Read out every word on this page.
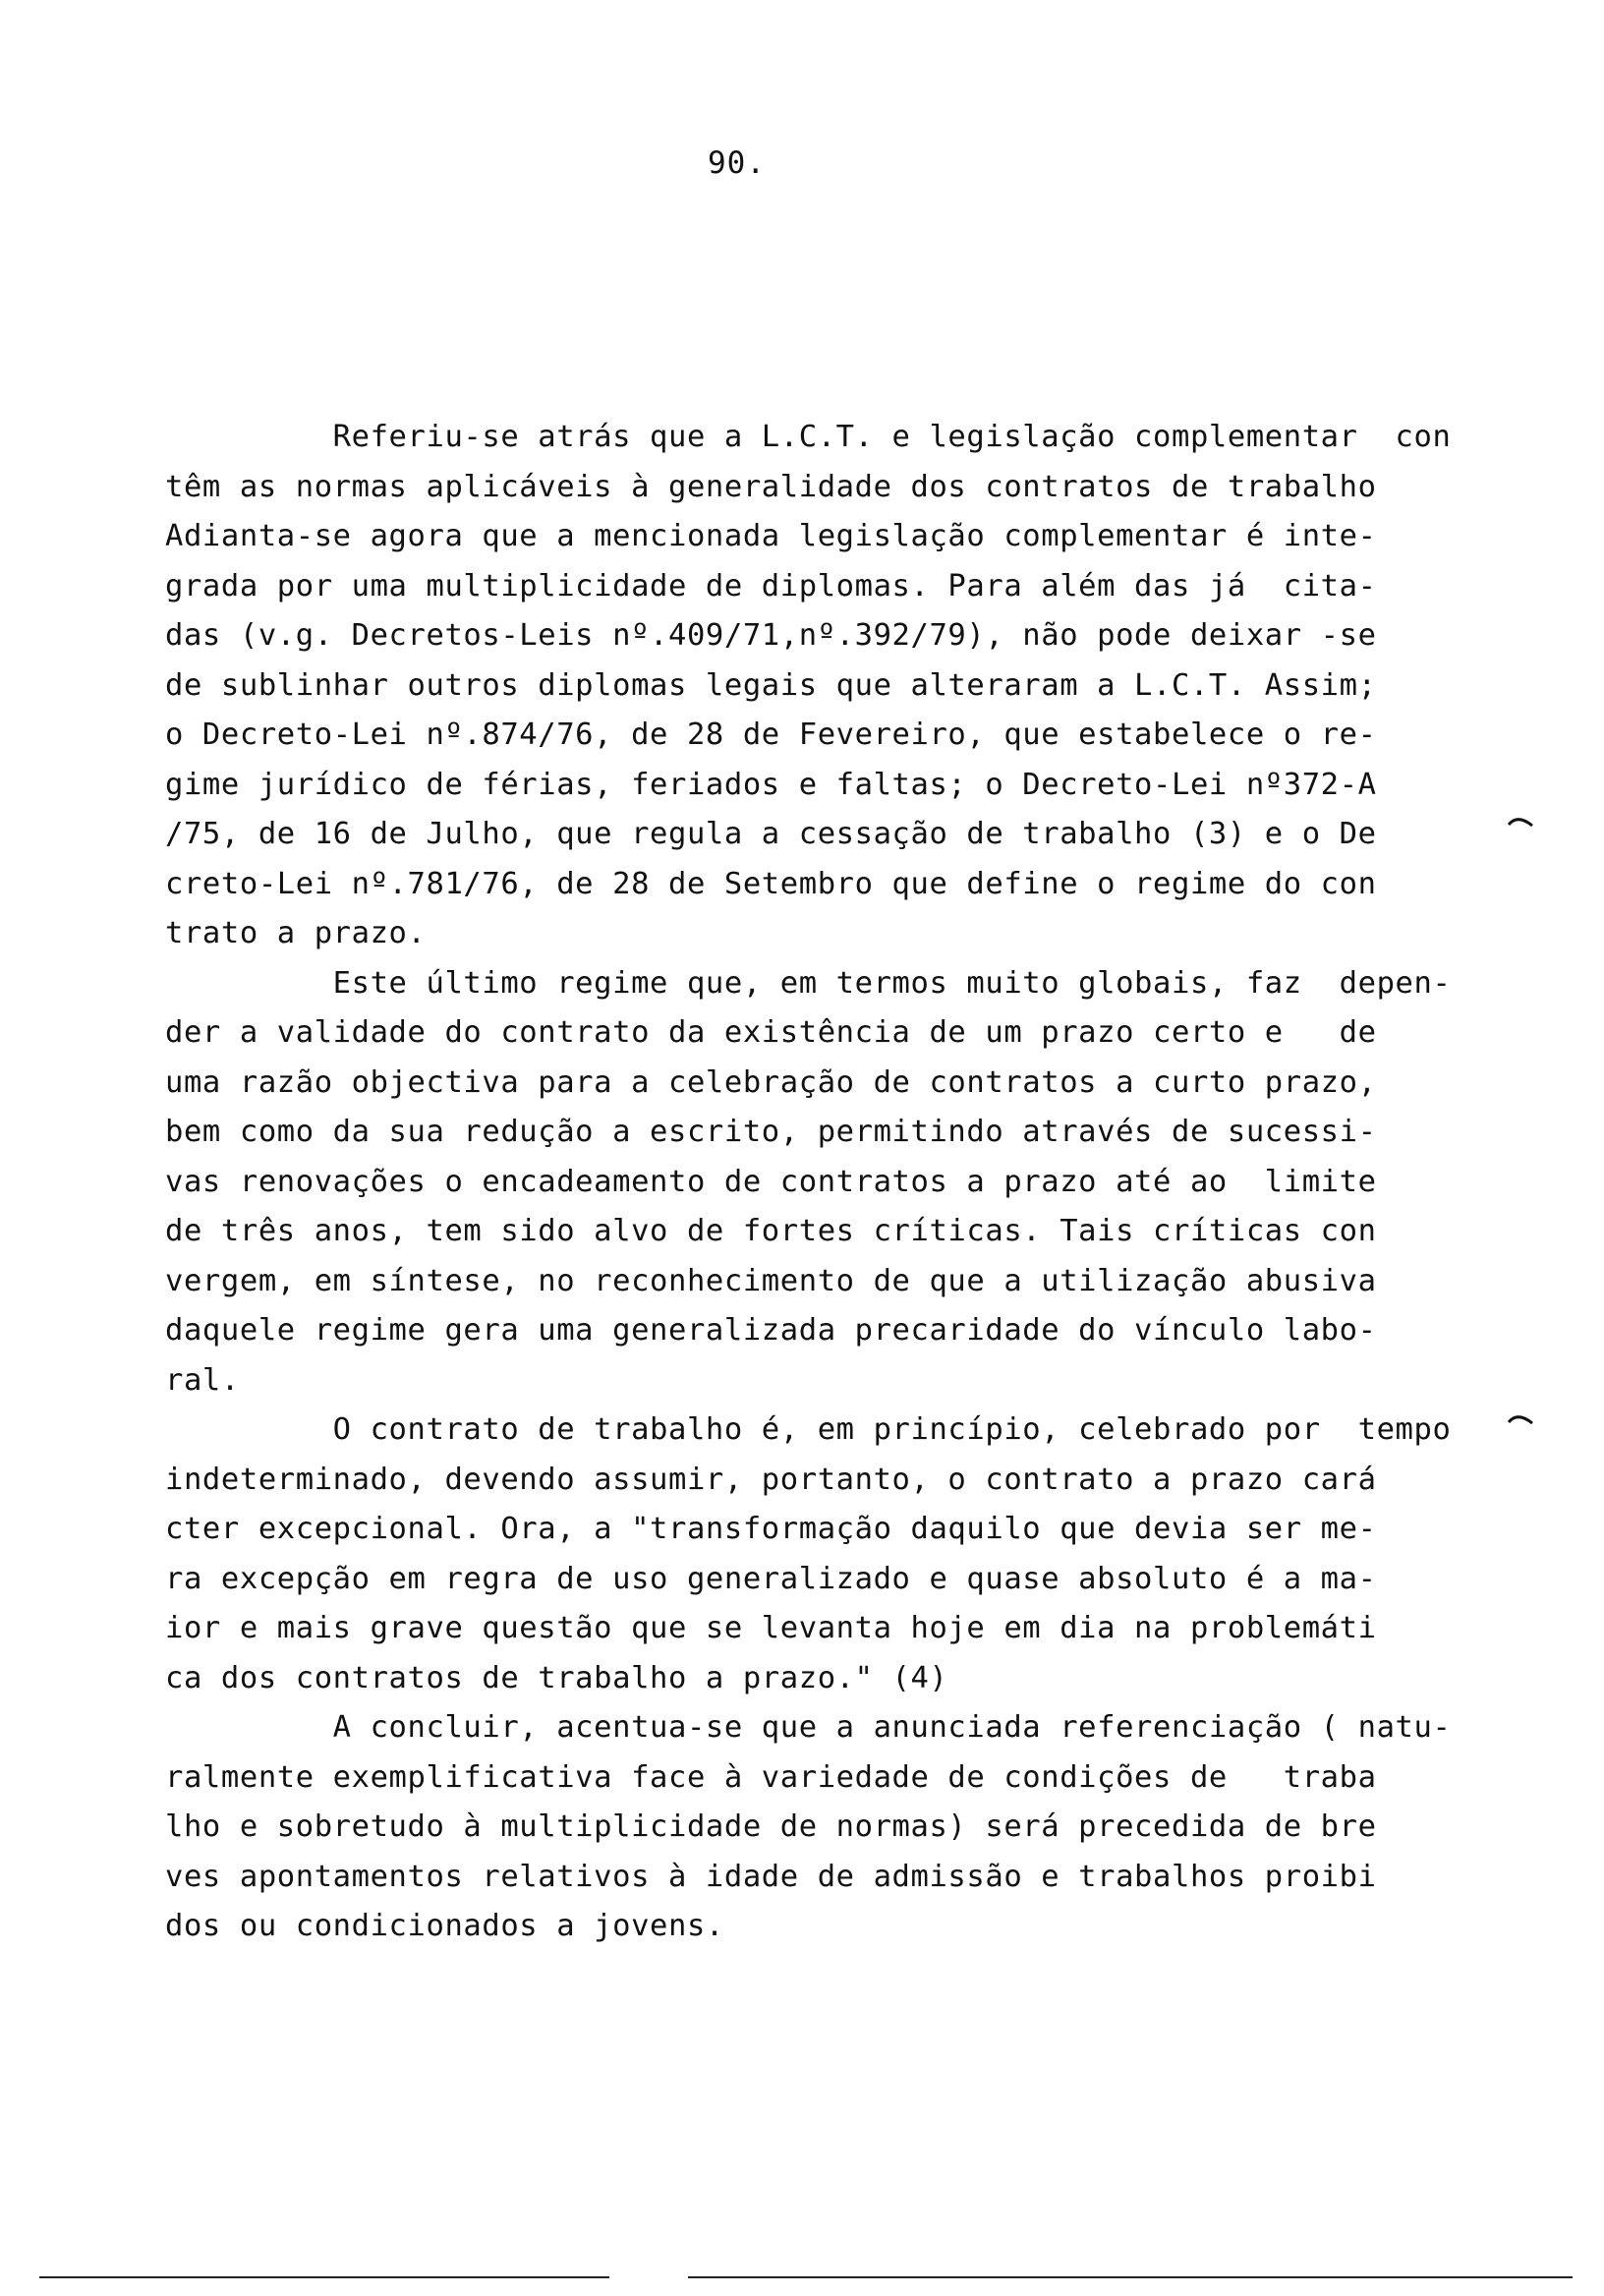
90.
Referiu-se atrás que a L.C.T. e legislação complementar  con
têm as normas aplicáveis à generalidade dos contratos de trabalho
Adianta-se agora que a mencionada legislação complementar é inte-
grada por uma multiplicidade de diplomas. Para além das já  cita-
das (v.g. Decretos-Leis nº.409/71,nº.392/79), não pode deixar -se
de sublinhar outros diplomas legais que alteraram a L.C.T. Assim;
o Decreto-Lei nº.874/76, de 28 de Fevereiro, que estabelece o re-
gime jurídico de férias, feriados e faltas; o Decreto-Lei nº372-A
/75, de 16 de Julho, que regula a cessação de trabalho (3) e o De
creto-Lei nº.781/76, de 28 de Setembro que define o regime do con
trato a prazo.
Este último regime que, em termos muito globais, faz  depen-
der a validade do contrato da existência de um prazo certo e   de
uma razão objectiva para a celebração de contratos a curto prazo,
bem como da sua redução a escrito, permitindo através de sucessi-
vas renovações o encadeamento de contratos a prazo até ao  limite
de três anos, tem sido alvo de fortes críticas. Tais críticas con
vergem, em síntese, no reconhecimento de que a utilização abusiva
daquele regime gera uma generalizada precaridade do vínculo labo-
ral.
O contrato de trabalho é, em princípio, celebrado por  tempo
indeterminado, devendo assumir, portanto, o contrato a prazo cará
cter excepcional. Ora, a "transformação daquilo que devia ser me-
ra excepção em regra de uso generalizado e quase absoluto é a ma-
ior e mais grave questão que se levanta hoje em dia na problemáti
ca dos contratos de trabalho a prazo." (4)
A concluir, acentua-se que a anunciada referenciação ( natu-
ralmente exemplificativa face à variedade de condições de   traba
lho e sobretudo à multiplicidade de normas) será precedida de bre
ves apontamentos relativos à idade de admissão e trabalhos proibi
dos ou condicionados a jovens.
